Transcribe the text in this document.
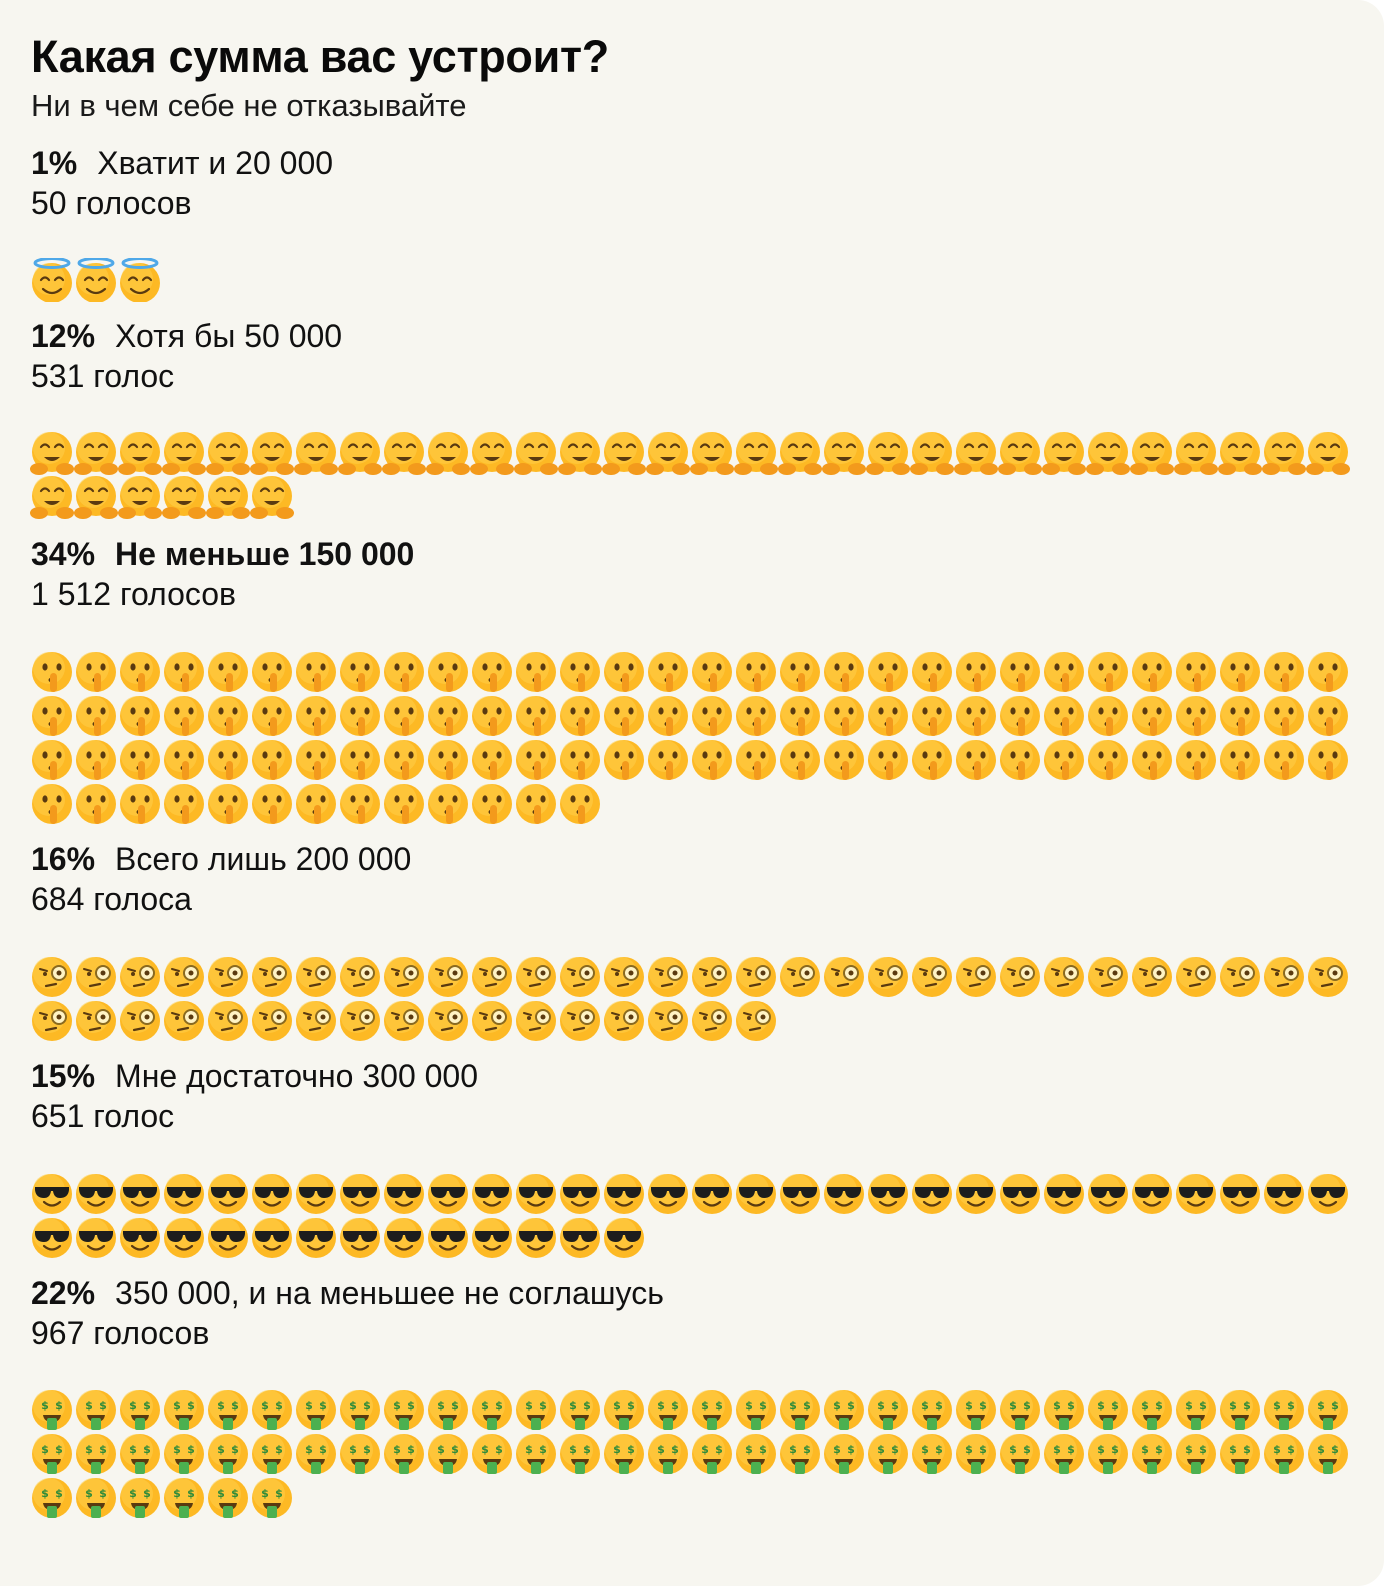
Какая сумма вас устроит?

Ни в чем себе не отказывайте

1% Хватит и 20 000
50 голосов
12% Хотя бы 50 000
531 голос
34% Не меньше 150 000
1 512 голосов
16% Всего лишь 200 000
684 голоса
15% Мне достаточно 300 000
651 голос
22% 350 000, и на меньшее не соглашусь
967 голосов
$ $ $ $ $ $ $ $ $ $ $ $ $ $ $ $ $ $ $ $ $ $ $ $ $ $ $ $ $ $ $ $ $ $ $ $ $ $ $ $ $ $ $ $ $ $ $ $ $ $ $ $ $ $ $ $ $ $ $ $
$ $ $ $ $ $ $ $ $ $ $ $ $ $ $ $ $ $ $ $ $ $ $ $ $ $ $ $ $ $ $ $ $ $ $ $ $ $ $ $ $ $ $ $ $ $ $ $ $ $ $ $ $ $ $ $ $ $ $ $
$ $ $ $ $ $ $ $ $ $ $ $
